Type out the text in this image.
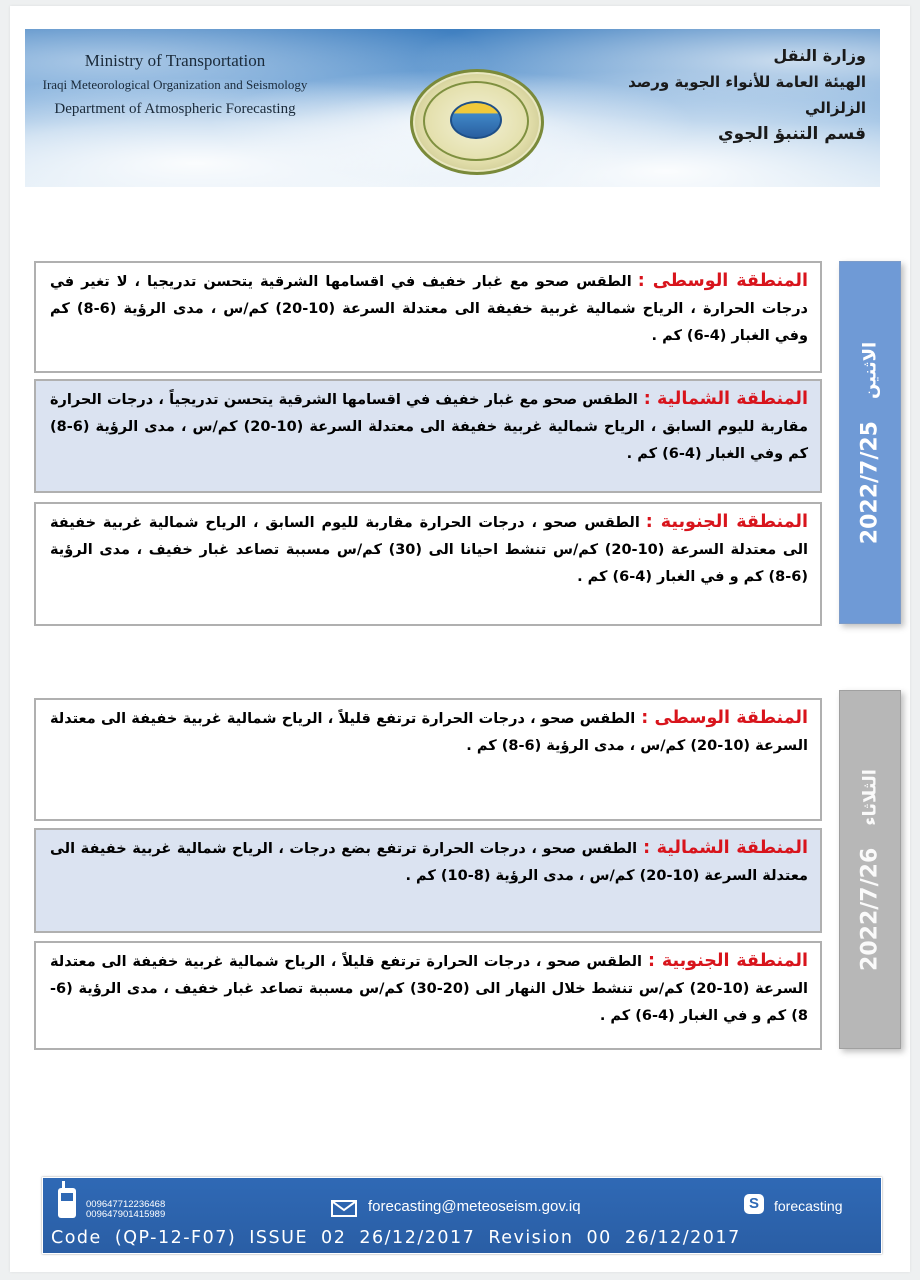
Ministry of Transportation
Iraqi Meteorological Organization and Seismology
Department of Atmospheric Forecasting
وزارة النقل
الهيئة العامة للأنواء الجوية ورصد الزلزالي
قسم التنبؤ الجوي
2022/7/25
الاثنين
المنطقة الوسطى :الطقس صحو مع غبار خفيف في اقسامها الشرقية يتحسن تدريجيا ، لا تغير في درجات الحرارة ، الرياح شمالية غربية خفيفة الى معتدلة السرعة (10-20) كم/س ، مدى الرؤية (6-8) كم وفي الغبار (4-6) كم .
المنطقة الشمالية :الطقس صحو مع غبار خفيف في اقسامها الشرقية يتحسن تدريجياً ، درجات الحرارة مقاربة لليوم السابق ، الرياح شمالية غربية خفيفة الى معتدلة السرعة (10-20) كم/س ، مدى الرؤية (6-8) كم وفي الغبار (4-6) كم .
المنطقة الجنوبية :الطقس صحو ، درجات الحرارة مقاربة لليوم السابق ، الرياح شمالية غربية خفيفة الى معتدلة السرعة (10-20) كم/س تنشط احيانا الى (30) كم/س مسببة تصاعد غبار خفيف ، مدى الرؤية (6-8) كم و في الغبار (4-6) كم .
2022/7/26
الثلاثاء
المنطقة الوسطى :الطقس صحو ، درجات الحرارة ترتفع قليلاً ، الرياح شمالية غربية خفيفة الى معتدلة السرعة (10-20) كم/س ، مدى الرؤية (6-8) كم .
المنطقة الشمالية :الطقس صحو ، درجات الحرارة ترتفع بضع درجات ، الرياح شمالية غربية خفيفة الى معتدلة السرعة (10-20) كم/س ، مدى الرؤية (8-10) كم .
المنطقة الجنوبية :الطقس صحو ، درجات الحرارة ترتفع قليلاً ، الرياح شمالية غربية خفيفة الى معتدلة السرعة (10-20) كم/س تنشط خلال النهار الى (20-30) كم/س مسببة تصاعد غبار خفيف ، مدى الرؤية (6-8) كم و في الغبار (4-6) كم .
009647712236468
009647901415989	forecasting@meteoseism.gov.iq	S	forecasting
Code (QP-12-F07) ISSUE 02 26/12/2017 Revision 00 26/12/2017
